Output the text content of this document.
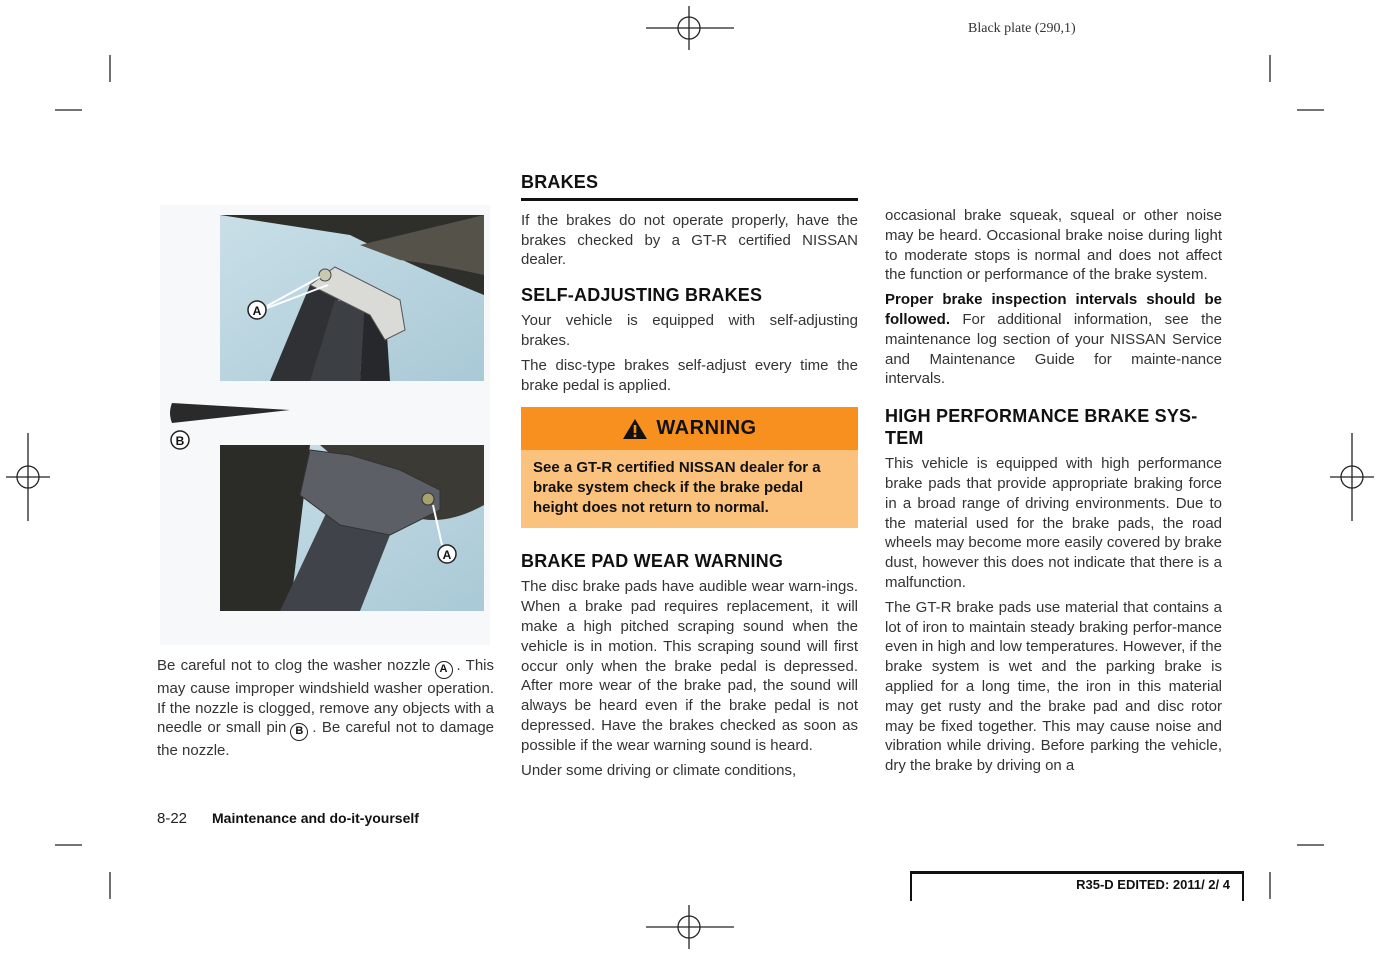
Black plate (290,1)
A
B
A

Be careful not to clog the washer nozzle A . This may cause improper windshield washer operation. If the nozzle is clogged, remove any objects with a needle or small pin B . Be careful not to damage the nozzle.

BRAKES

If the brakes do not operate properly, have the brakes checked by a GT-R certified NISSAN dealer.

SELF-ADJUSTING BRAKES

Your vehicle is equipped with self-adjusting brakes.

The disc-type brakes self-adjust every time the brake pedal is applied.

WARNING
See a GT-R certified NISSAN dealer for a brake system check if the brake pedal height does not return to normal.
BRAKE PAD WEAR WARNING

The disc brake pads have audible wear warn-ings. When a brake pad requires replacement, it will make a high pitched scraping sound when the vehicle is in motion. This scraping sound will first occur only when the brake pedal is depressed. After more wear of the brake pad, the sound will always be heard even if the brake pedal is not depressed. Have the brakes checked as soon as possible if the wear warning sound is heard.

Under some driving or climate conditions,

occasional brake squeak, squeal or other noise may be heard. Occasional brake noise during light to moderate stops is normal and does not affect the function or performance of the brake system.

Proper brake inspection intervals should be followed. For additional information, see the maintenance log section of your NISSAN Service and Maintenance Guide for mainte-nance intervals.

HIGH PERFORMANCE BRAKE SYS-TEM

This vehicle is equipped with high performance brake pads that provide appropriate braking force in a broad range of driving environments. Due to the material used for the brake pads, the road wheels may become more easily covered by brake dust, however this does not indicate that there is a malfunction.

The GT-R brake pads use material that contains a lot of iron to maintain steady braking perfor-mance even in high and low temperatures. However, if the brake system is wet and the parking brake is applied for a long time, the iron in this material may get rusty and the brake pad and disc rotor may be fixed together. This may cause noise and vibration while driving. Before parking the vehicle, dry the brake by driving on a

8-22 Maintenance and do-it-yourself
R35-D EDITED: 2011/ 2/ 4
